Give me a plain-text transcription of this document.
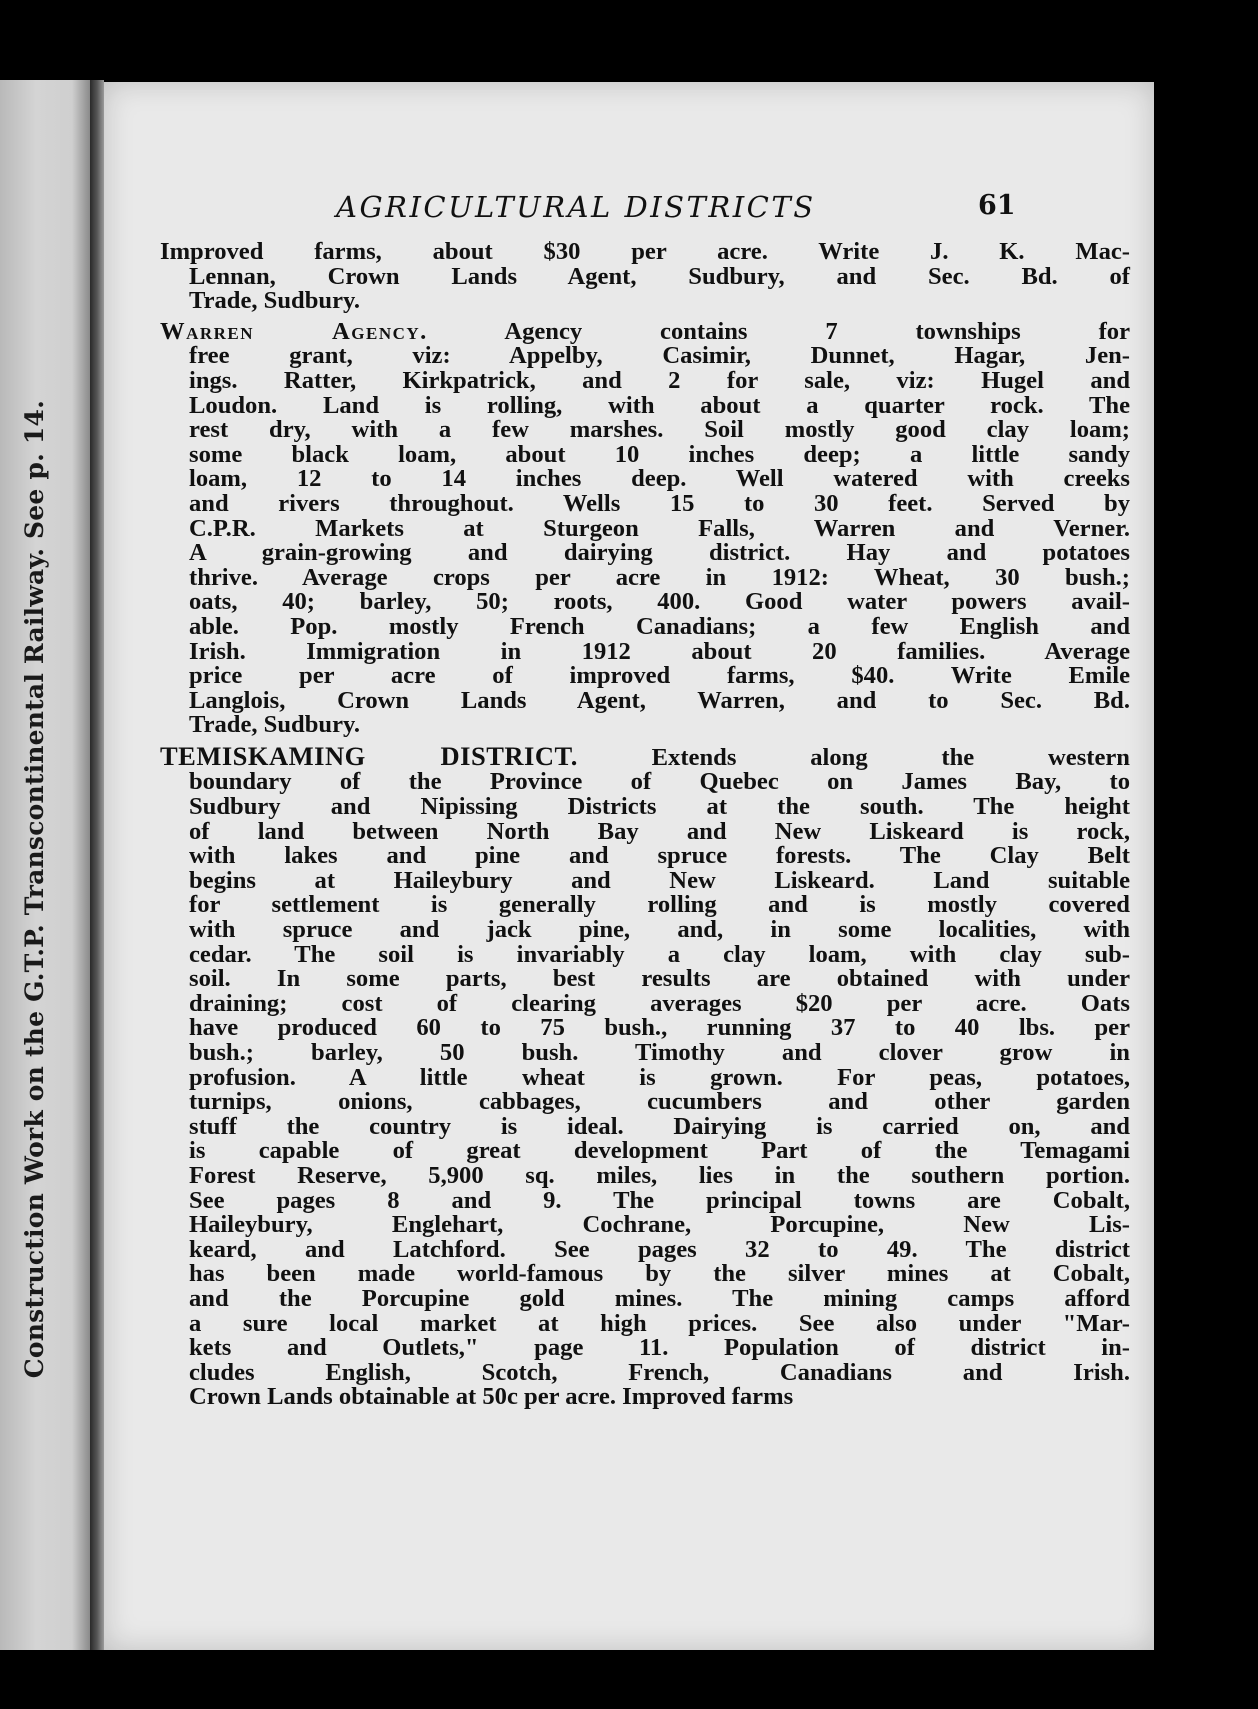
Construction Work on the G.T.P. Transcontinental Railway. See p. 14.
AGRICULTURAL DISTRICTS	61
Improved farms, about $30 per acre. Write J. K. Mac-
Lennan, Crown Lands Agent, Sudbury, and Sec. Bd. of
Trade, Sudbury.
Warren Agency. Agency contains 7 townships for
free grant, viz: Appelby, Casimir, Dunnet, Hagar, Jen-
ings. Ratter, Kirkpatrick, and 2 for sale, viz: Hugel and
Loudon. Land is rolling, with about a quarter rock. The
rest dry, with a few marshes. Soil mostly good clay loam;
some black loam, about 10 inches deep; a little sandy
loam, 12 to 14 inches deep. Well watered with creeks
and rivers throughout. Wells 15 to 30 feet. Served by
C.P.R. Markets at Sturgeon Falls, Warren and Verner.
A grain-growing and dairying district. Hay and potatoes
thrive. Average crops per acre in 1912: Wheat, 30 bush.;
oats, 40; barley, 50; roots, 400. Good water powers avail-
able. Pop. mostly French Canadians; a few English and
Irish. Immigration in 1912 about 20 families. Average
price per acre of improved farms, $40. Write Emile
Langlois, Crown Lands Agent, Warren, and to Sec. Bd.
Trade, Sudbury.
TEMISKAMING DISTRICT. Extends along the western
boundary of the Province of Quebec on James Bay, to
Sudbury and Nipissing Districts at the south. The height
of land between North Bay and New Liskeard is rock,
with lakes and pine and spruce forests. The Clay Belt
begins at Haileybury and New Liskeard. Land suitable
for settlement is generally rolling and is mostly covered
with spruce and jack pine, and, in some localities, with
cedar. The soil is invariably a clay loam, with clay sub-
soil. In some parts, best results are obtained with under
draining; cost of clearing averages $20 per acre. Oats
have produced 60 to 75 bush., running 37 to 40 lbs. per
bush.; barley, 50 bush. Timothy and clover grow in
profusion. A little wheat is grown. For peas, potatoes,
turnips, onions, cabbages, cucumbers and other garden
stuff the country is ideal. Dairying is carried on, and
is capable of great development Part of the Temagami
Forest Reserve, 5,900 sq. miles, lies in the southern portion.
See pages 8 and 9. The principal towns are Cobalt,
Haileybury, Englehart, Cochrane, Porcupine, New Lis-
keard, and Latchford. See pages 32 to 49. The district
has been made world-famous by the silver mines at Cobalt,
and the Porcupine gold mines. The mining camps afford
a sure local market at high prices. See also under "Mar-
kets and Outlets," page 11. Population of district in-
cludes English, Scotch, French, Canadians and Irish.
Crown Lands obtainable at 50c per acre. Improved farms
